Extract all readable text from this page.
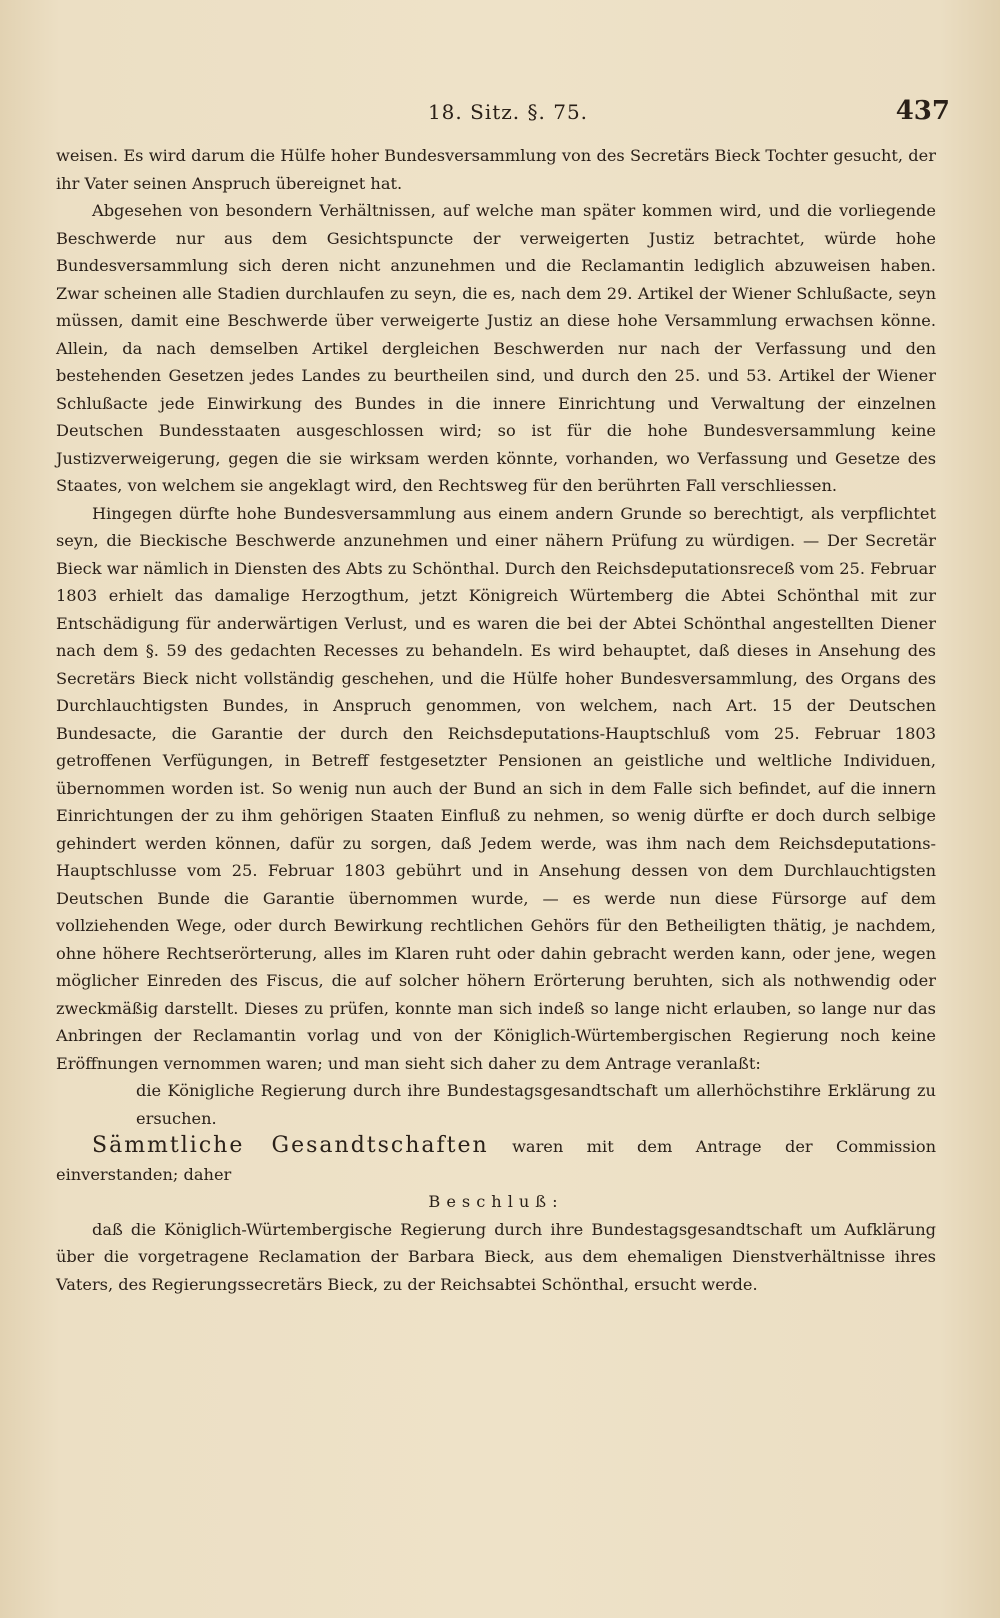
18. Sitz. §. 75.	437

weisen. Es wird darum die Hülfe hoher Bundesversammlung von des Secretärs Bieck Tochter gesucht, der ihr Vater seinen Anspruch übereignet hat.

Abgesehen von besondern Verhältnissen, auf welche man später kommen wird, und die vorliegende Beschwerde nur aus dem Gesichtspuncte der verweigerten Justiz betrachtet, würde hohe Bundesversammlung sich deren nicht anzunehmen und die Reclamantin lediglich abzuweisen haben. Zwar scheinen alle Stadien durchlaufen zu seyn, die es, nach dem 29. Artikel der Wiener Schlußacte, seyn müssen, damit eine Beschwerde über verweigerte Justiz an diese hohe Versammlung erwachsen könne. Allein, da nach demselben Artikel dergleichen Beschwerden nur nach der Verfassung und den bestehenden Gesetzen jedes Landes zu beurtheilen sind, und durch den 25. und 53. Artikel der Wiener Schlußacte jede Einwirkung des Bundes in die innere Einrichtung und Verwaltung der einzelnen Deutschen Bundesstaaten ausgeschlossen wird; so ist für die hohe Bundesversammlung keine Justizverweigerung, gegen die sie wirksam werden könnte, vorhanden, wo Verfassung und Gesetze des Staates, von welchem sie angeklagt wird, den Rechtsweg für den berührten Fall verschliessen.

Hingegen dürfte hohe Bundesversammlung aus einem andern Grunde so berechtigt, als verpflichtet seyn, die Bieckische Beschwerde anzunehmen und einer nähern Prüfung zu würdigen. — Der Secretär Bieck war nämlich in Diensten des Abts zu Schönthal. Durch den Reichsdeputationsreceß vom 25. Februar 1803 erhielt das damalige Herzogthum, jetzt Königreich Würtemberg die Abtei Schönthal mit zur Entschädigung für anderwärtigen Verlust, und es waren die bei der Abtei Schönthal angestellten Diener nach dem §. 59 des gedachten Recesses zu behandeln. Es wird behauptet, daß dieses in Ansehung des Secretärs Bieck nicht vollständig geschehen, und die Hülfe hoher Bundesversammlung, des Organs des Durchlauchtigsten Bundes, in Anspruch genommen, von welchem, nach Art. 15 der Deutschen Bundesacte, die Garantie der durch den Reichsdeputations-Hauptschluß vom 25. Februar 1803 getroffenen Verfügungen, in Betreff festgesetzter Pensionen an geistliche und weltliche Individuen, übernommen worden ist. So wenig nun auch der Bund an sich in dem Falle sich befindet, auf die innern Einrichtungen der zu ihm gehörigen Staaten Einfluß zu nehmen, so wenig dürfte er doch durch selbige gehindert werden können, dafür zu sorgen, daß Jedem werde, was ihm nach dem Reichsdeputations-Hauptschlusse vom 25. Februar 1803 gebührt und in Ansehung dessen von dem Durchlauchtigsten Deutschen Bunde die Garantie übernommen wurde, — es werde nun diese Fürsorge auf dem vollziehenden Wege, oder durch Bewirkung rechtlichen Gehörs für den Betheiligten thätig, je nachdem, ohne höhere Rechtserörterung, alles im Klaren ruht oder dahin gebracht werden kann, oder jene, wegen möglicher Einreden des Fiscus, die auf solcher höhern Erörterung beruhten, sich als nothwendig oder zweckmäßig darstellt. Dieses zu prüfen, konnte man sich indeß so lange nicht erlauben, so lange nur das Anbringen der Reclamantin vorlag und von der Königlich-Würtembergischen Regierung noch keine Eröffnungen vernommen waren; und man sieht sich daher zu dem Antrage veranlaßt:

die Königliche Regierung durch ihre Bundestagsgesandtschaft um allerhöchstihre Erklärung zu ersuchen.

Sämmtliche Gesandtschaften waren mit dem Antrage der Commission einverstanden; daher

Beschluß:

daß die Königlich-Würtembergische Regierung durch ihre Bundestagsgesandtschaft um Aufklärung über die vorgetragene Reclamation der Barbara Bieck, aus dem ehemaligen Dienstverhältnisse ihres Vaters, des Regierungssecretärs Bieck, zu der Reichsabtei Schönthal, ersucht werde.
